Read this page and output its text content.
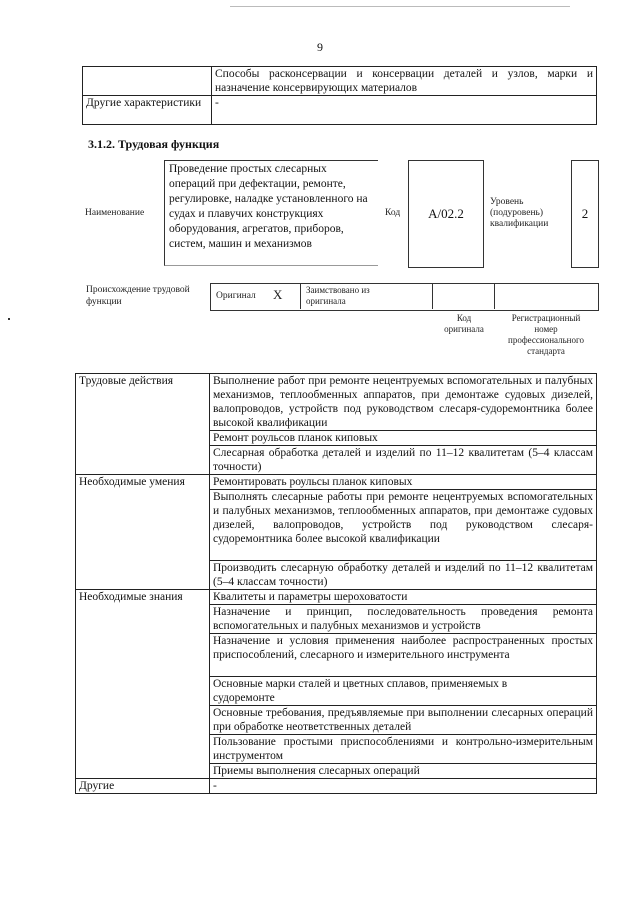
9
	Способы расконсервации и консервации деталей и узлов, марки и назначение консервирующих материалов
Другие характеристики	-
3.1.2. Трудовая функция
Наименование
Проведение простых слесарных операций при дефектации, ремонте, регулировке, наладке установленного на судах и плавучих конструкциях оборудования, агрегатов, приборов, систем, машин и механизмов
Код A/02.2
Уровень (подуровень) квалификации
2
Происхождение трудовой функции
Оригинал X	Заимствовано из оригинала
Код оригинала
Регистрационный номер профессионального стандарта
Трудовые действия	Выполнение работ при ремонте нецентруемых вспомогательных и палубных механизмов, теплообменных аппаратов, при демонтаже судовых дизелей, валопроводов, устройств под руководством слесаря-судоремонтника более высокой квалификации
	Ремонт роульсов планок киповых
	Слесарная обработка деталей и изделий по 11–12 квалитетам (5–4 классам точности)
Необходимые умения	Ремонтировать роульсы планок киповых
	Выполнять слесарные работы при ремонте нецентруемых вспомогательных и палубных механизмов, теплообменных аппаратов, при демонтаже судовых дизелей, валопроводов, устройств под руководством слесаря-судоремонтника более высокой квалификации
	Производить слесарную обработку деталей и изделий по 11–12 квалитетам (5–4 классам точности)
Необходимые знания	Квалитеты и параметры шероховатости
	Назначение и принцип, последовательность проведения ремонта вспомогательных и палубных механизмов и устройств
	Назначение и условия применения наиболее распространенных простых приспособлений, слесарного и измерительного инструмента
	Основные марки сталей и цветных сплавов, применяемых в судоремонте
	Основные требования, предъявляемые при выполнении слесарных операций при обработке неответственных деталей
	Пользование простыми приспособлениями и контрольно-измерительным инструментом
	Приемы выполнения слесарных операций
Другие	-
